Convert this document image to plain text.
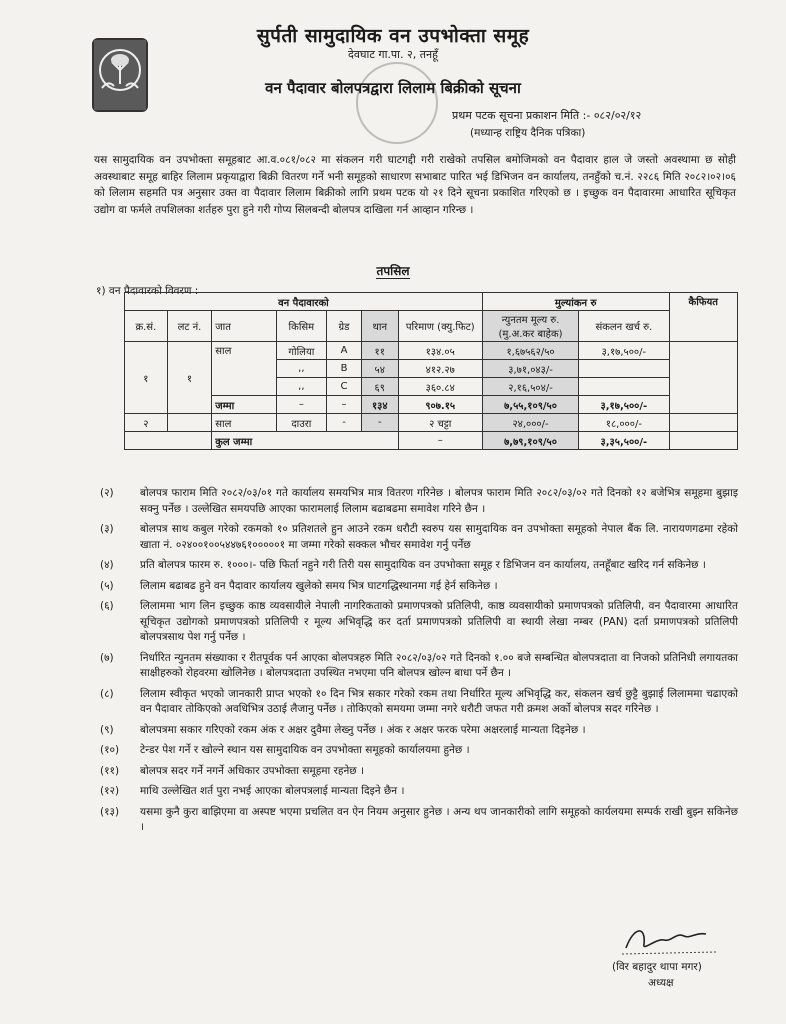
सुर्पती सामुदायिक वन उपभोक्ता समूह
देवघाट गा.पा. २, तनहूँ
वन पैदावार बोलपत्रद्वारा लिलाम बिक्रीको सूचना
प्रथम पटक सूचना प्रकाशन मिति :- ०८२/०२/१२
(मध्यान्ह राष्ट्रिय दैनिक पत्रिका)
यस सामुदायिक वन उपभोक्ता समूहबाट आ.व.०८१/०८२ मा संकलन गरी घाटगद्दी गरी राखेको तपसिल बमोजिमको वन पैदावार हाल जे जस्तो अवस्थामा छ सोही अवस्थाबाट समूह बाहिर लिलाम प्रकृयाद्वारा बिक्री वितरण गर्ने भनी समूहको साधारण सभाबाट पारित भई डिभिजन वन कार्यालय, तनहुँको च.नं. २२८६ मिति २०८२।०२।०६ को लिलाम सहमति पत्र अनुसार उक्त वा पैदावार लिलाम बिक्रीको लागि प्रथम पटक यो २१ दिने सूचना प्रकाशित गरिएको छ । इच्छुक वन पैदावारमा आधारित सूचिकृत उद्योग वा फर्मले तपशिलका शर्तहरु पुरा हुने गरी गोप्य सिलबन्दी बोलपत्र दाखिला गर्न आव्हान गरिन्छ ।
तपसिल
१) वन पैदावारको विवरण :
वन पैदावारको							मुल्यांकन रु		कैफियत
क्र.सं.	लट नं.	जात	किसिम	ग्रेड	थान	परिमाण (क्यु.फिट)	न्युनतम मूल्य रु. (मु.अ.कर बाहेक)	संकलन खर्च रु.	
१	१	साल	गोलिया	A	११	१३४.०५	१,६७५६२/५०	३,१७,५००/-	
			,,	B	५४	४१२.२७	३,७१,०४३/-		
			,,	C	६९	३६०.८४	२,१६,५०४/-		
		जम्मा	–	–	१३४	९०७.१५	७,५५,१०९/५०	३,१७,५००/-	
२		साल	दाउरा	-	-	२ चट्टा	२४,०००/-	१८,०००/-	
		कुल जम्मा				–	७,७९,१०९/५०	३,३५,५००/-	
(२)	बोलपत्र फाराम मिति २०८२/०३/०१ गते कार्यालय समयभित्र मात्र वितरण गरिनेछ । बोलपत्र फाराम मिति २०८२/०३/०२ गते दिनको १२ बजेभित्र समूहमा बुझाइ सक्नु पर्नेछ । उल्लेखित समयपछि आएका फारामलाई लिलाम बढाबढमा समावेश गरिने छैन ।
(३)	बोलपत्र साथ कबुल गरेको रकमको १० प्रतिशतले हुन आउने रकम धरौटी स्वरुप यस सामुदायिक वन उपभोक्ता समूहको नेपाल बैंक लि. नारायणगढमा रहेको खाता नं. ०२४००१००५४४७६१०००००१ मा जम्मा गरेको सक्कल भौचर समावेश गर्नु पर्नेछ
(४)	प्रति बोलपत्र फारम रु. १०००।- पछि फिर्ता नहुने गरी तिरी यस सामुदायिक वन उपभोक्ता समूह र डिभिजन वन कार्यालय, तनहूँबाट खरिद गर्न सकिनेछ ।
(५)	लिलाम बढाबढ हुने वन पैदावार कार्यालय खुलेको समय भित्र घाटगद्धिस्थानमा गई हेर्न सकिनेछ ।
(६)	लिलाममा भाग लिन इच्छुक काष्ठ व्यवसायीले नेपाली नागरिकताको प्रमाणपत्रको प्रतिलिपी, काष्ठ व्यवसायीको प्रमाणपत्रको प्रतिलिपी, वन पैदावारमा आधारित सूचिकृत उद्योगको प्रमाणपत्रको प्रतिलिपी र मूल्य अभिवृद्धि कर दर्ता प्रमाणपत्रको प्रतिलिपी वा स्थायी लेखा नम्बर (PAN) दर्ता प्रमाणपत्रको प्रतिलिपी बोलपत्रसाथ पेश गर्नु पर्नेछ ।
(७)	निर्धारित न्युनतम संख्याका र रीतपूर्वक पर्न आएका बोलपत्रहरु मिति २०८२/०३/०२ गते दिनको १.०० बजे सम्बन्धित बोलपत्रदाता वा निजको प्रतिनिधी लगायतका साक्षीहरुको रोहवरमा खोलिनेछ । बोलपत्रदाता उपस्थित नभएमा पनि बोलपत्र खोल्न बाधा पर्ने छैन ।
(८)	लिलाम स्वीकृत भएको जानकारी प्राप्त भएको १० दिन भित्र सकार गरेको रकम तथा निर्धारित मूल्य अभिवृद्धि कर, संकलन खर्च छुट्टै बुझाई लिलाममा चढाएको वन पैदावार तोकिएको अवधिभित्र उठाई लैजानु पर्नेछ । तोकिएको समयमा जम्मा नगरे धरौटी जफत गरी क्रमश अर्को बोलपत्र सदर गरिनेछ ।
(९)	बोलपत्रमा सकार गरिएको रकम अंक र अक्षर दुवैमा लेख्नु पर्नेछ । अंक र अक्षर फरक परेमा अक्षरलाई मान्यता दिइनेछ ।
(१०)	टेन्डर पेश गर्ने र खोल्ने स्थान यस सामुदायिक वन उपभोक्ता समूहको कार्यालयमा हुनेछ ।
(११)	बोलपत्र सदर गर्ने नगर्ने अधिकार उपभोक्ता समूहमा रहनेछ ।
(१२)	माथि उल्लेखित शर्त पुरा नभई आएका बोलपत्रलाई मान्यता दिइने छैन ।
(१३)	यसमा कुनै कुरा बाझिएमा वा अस्पष्ट भएमा प्रचलित वन ऐन नियम अनुसार हुनेछ । अन्य थप जानकारीको लागि समूहको कार्यलयमा सम्पर्क राखी बुझ्न सकिनेछ ।
(विर बहादुर थापा मगर)
अध्यक्ष
